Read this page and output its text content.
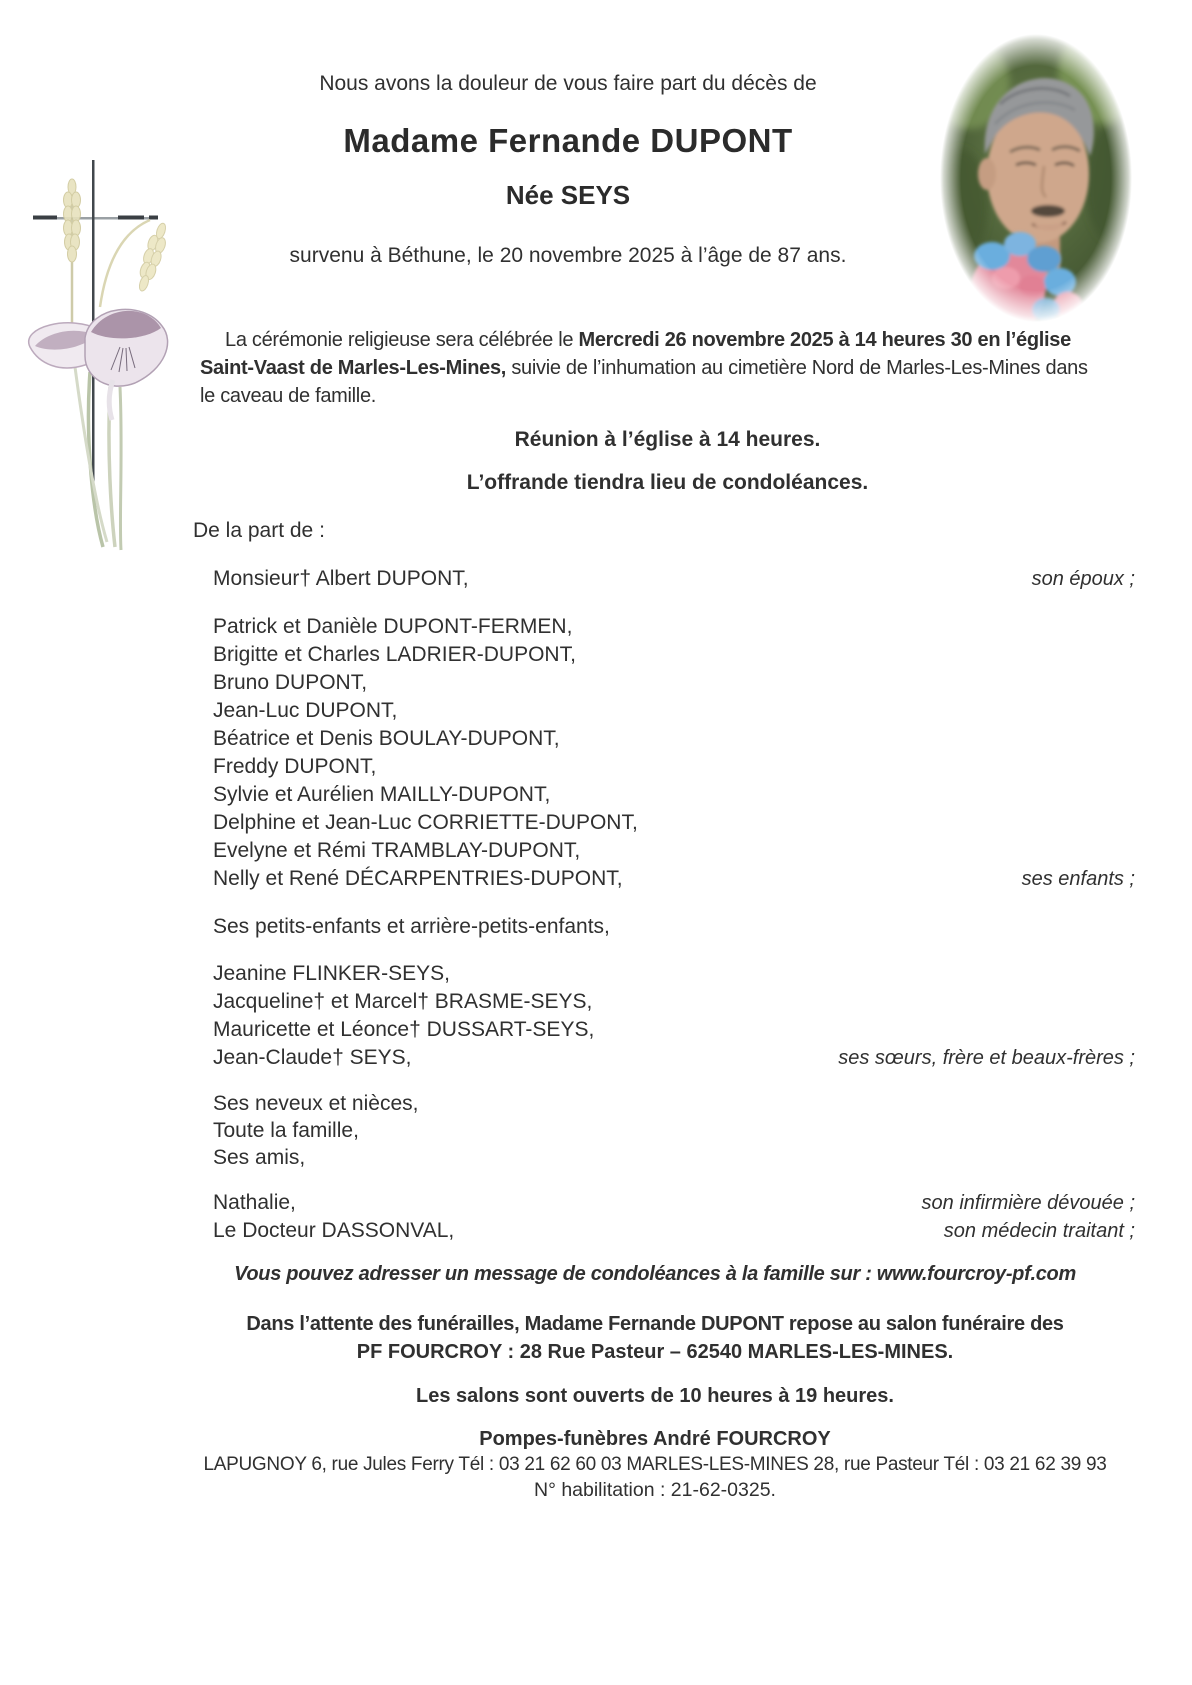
Nous avons la douleur de vous faire part du décès de
Madame Fernande DUPONT
Née SEYS
survenu à Béthune, le 20 novembre 2025 à l’âge de 87 ans.
La cérémonie religieuse sera célébrée le Mercredi 26 novembre 2025 à 14 heures 30 en l’église
Saint-Vaast de Marles-Les-Mines, suivie de l’inhumation au cimetière Nord de Marles-Les-Mines dans
le caveau de famille.
Réunion à l’église à 14 heures.
L’offrande tiendra lieu de condoléances.
De la part de :
Monsieur† Albert DUPONT,	son époux ;
Patrick et Danièle DUPONT-FERMEN,
Brigitte et Charles LADRIER-DUPONT,
Bruno DUPONT,
Jean-Luc DUPONT,
Béatrice et Denis BOULAY-DUPONT,
Freddy DUPONT,
Sylvie et Aurélien MAILLY-DUPONT,
Delphine et Jean-Luc CORRIETTE-DUPONT,
Evelyne et Rémi TRAMBLAY-DUPONT,
Nelly et René DÉCARPENTRIES-DUPONT,	ses enfants ;
Ses petits-enfants et arrière-petits-enfants,
Jeanine FLINKER-SEYS,
Jacqueline† et Marcel† BRASME-SEYS,
Mauricette et Léonce† DUSSART-SEYS,
Jean-Claude† SEYS,	ses sœurs, frère et beaux-frères ;
Ses neveux et nièces,
Toute la famille,
Ses amis,
Nathalie,	son infirmière dévouée ;
Le Docteur DASSONVAL,	son médecin traitant ;
Vous pouvez adresser un message de condoléances à la famille sur : www.fourcroy-pf.com
Dans l’attente des funérailles, Madame Fernande DUPONT repose au salon funéraire des
PF FOURCROY : 28 Rue Pasteur – 62540 MARLES-LES-MINES.
Les salons sont ouverts de 10 heures à 19 heures.
Pompes-funèbres André FOURCROY
LAPUGNOY 6, rue Jules Ferry Tél : 03 21 62 60 03 MARLES-LES-MINES 28, rue Pasteur Tél : 03 21 62 39 93
N° habilitation : 21-62-0325.
